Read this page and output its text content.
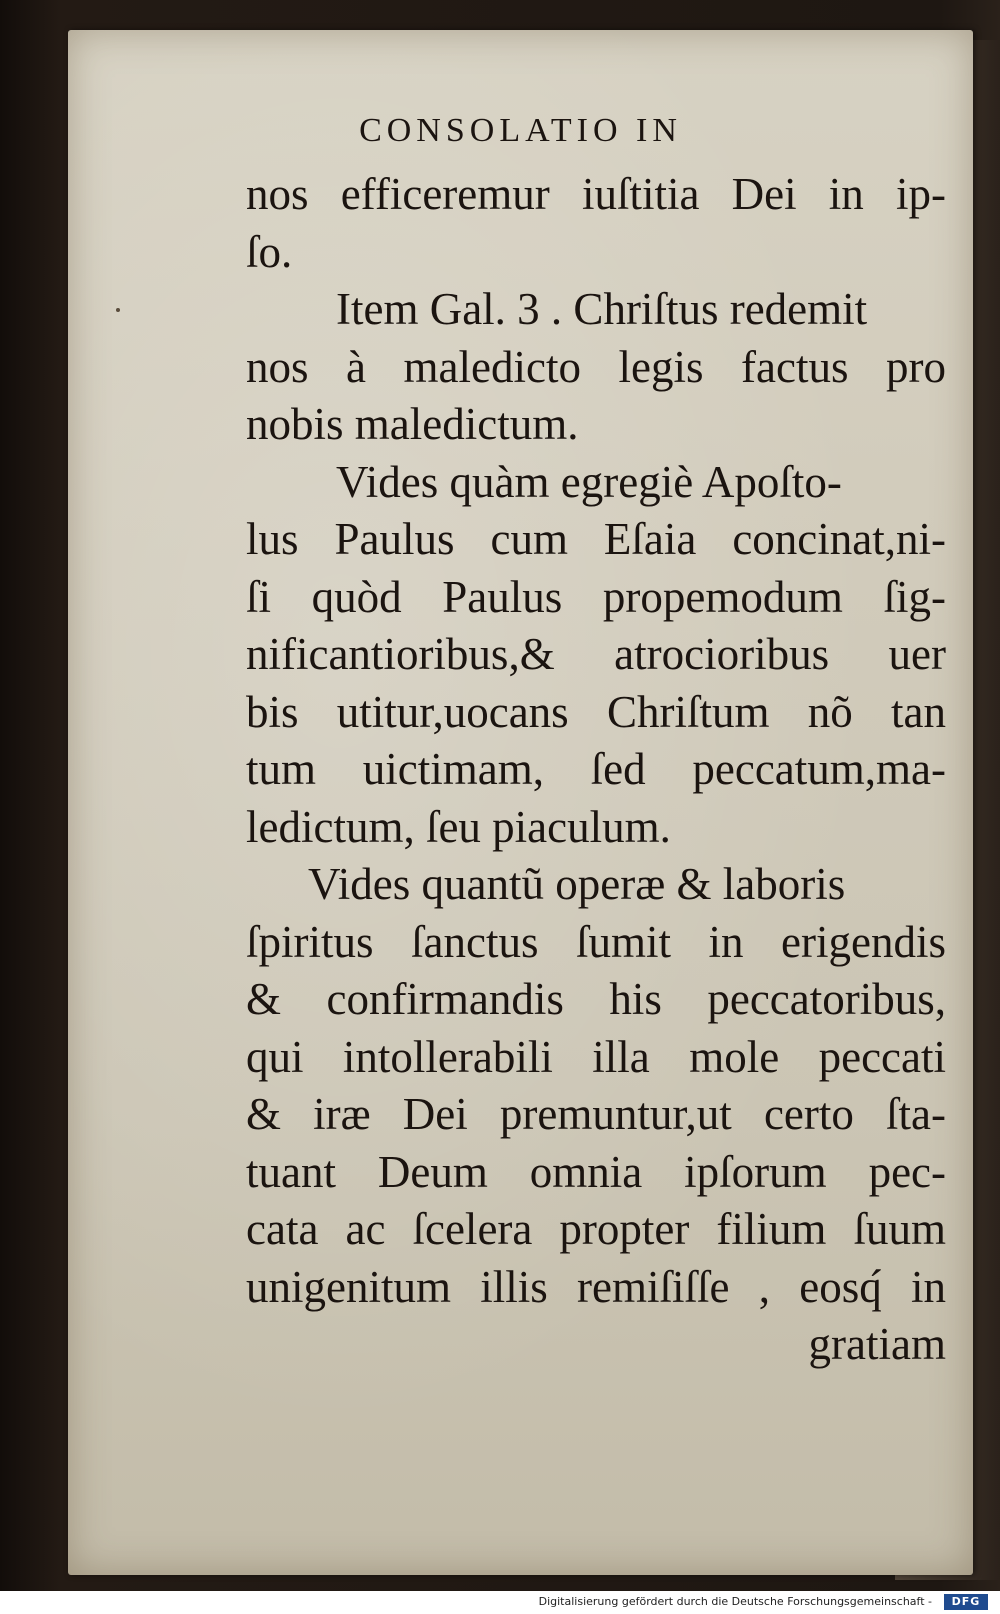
CONSOLATIO IN
nos efficeremur iuſtitia Dei in ip-
ſo.
Item Gal. 3 . Chriſtus redemit
nos à maledicto legis factus pro
nobis maledictum.
Vides quàm egregiè Apoſto-
lus Paulus cum Eſaia concinat,ni-
ſi quòd Paulus propemodum ſig-
nificantioribus,& atrocioribus uer
bis utitur,uocans Chriſtum nõ tan
tum uictimam, ſed peccatum,ma-
ledictum, ſeu piaculum.
Vides quantũ operæ & laboris
ſpiritus ſanctus ſumit in erigendis
& confirmandis his peccatoribus,
qui intollerabili illa mole peccati
& iræ Dei premuntur,ut certo ſta-
tuant Deum omnia ipſorum pec-
cata ac ſcelera propter filium ſuum
unigenitum illis remiſiſſe , eosq́ in
gratiam
Digitalisierung gefördert durch die Deutsche Forschungsgemeinschaft -	DFG
